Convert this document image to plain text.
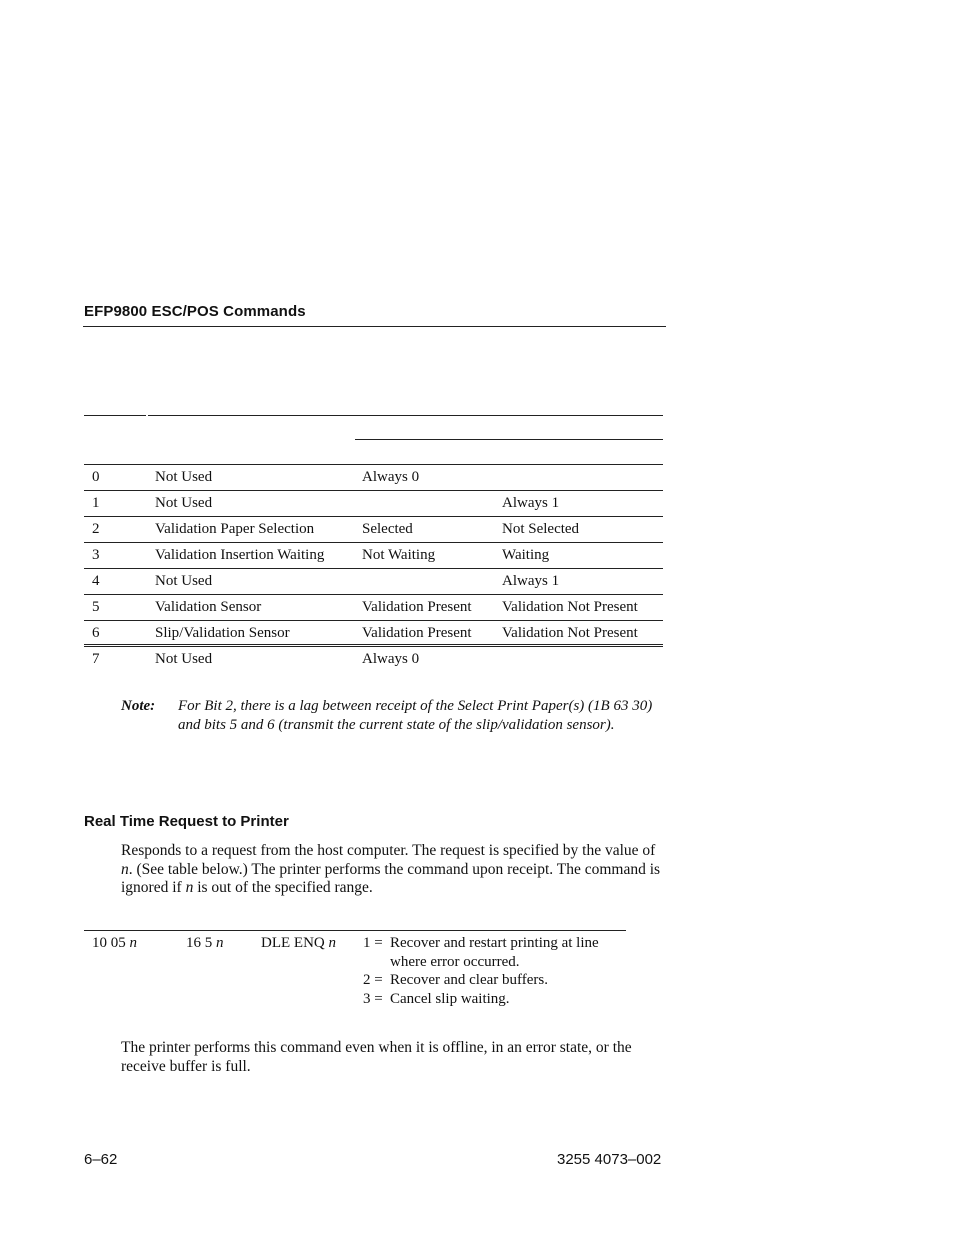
EFP9800 ESC/POS Commands
0	Not Used	Always 0	
1	Not Used		Always 1
2	Validation Paper Selection	Selected	Not Selected
3	Validation Insertion Waiting	Not Waiting	Waiting
4	Not Used		Always 1
5	Validation Sensor	Validation Present	Validation Not Present
6	Slip/Validation Sensor	Validation Present	Validation Not Present
7	Not Used	Always 0	
Note: For Bit 2, there is a lag between receipt of the Select Print Paper(s) (1B 63 30) and bits 5 and 6 (transmit the current state of the slip/validation sensor).
Real Time Request to Printer
Responds to a request from the host computer. The request is specified by the value of n. (See table below.) The printer performs the command upon receipt. The command is ignored if n is out of the specified range.
10 05 n	16 5 n	DLE ENQ n 1 = Recover and restart printing at line where error occurred.
2 = Recover and clear buffers.
3 = Cancel slip waiting.
The printer performs this command even when it is offline, in an error state, or the receive buffer is full.
6–62	3255 4073–002
